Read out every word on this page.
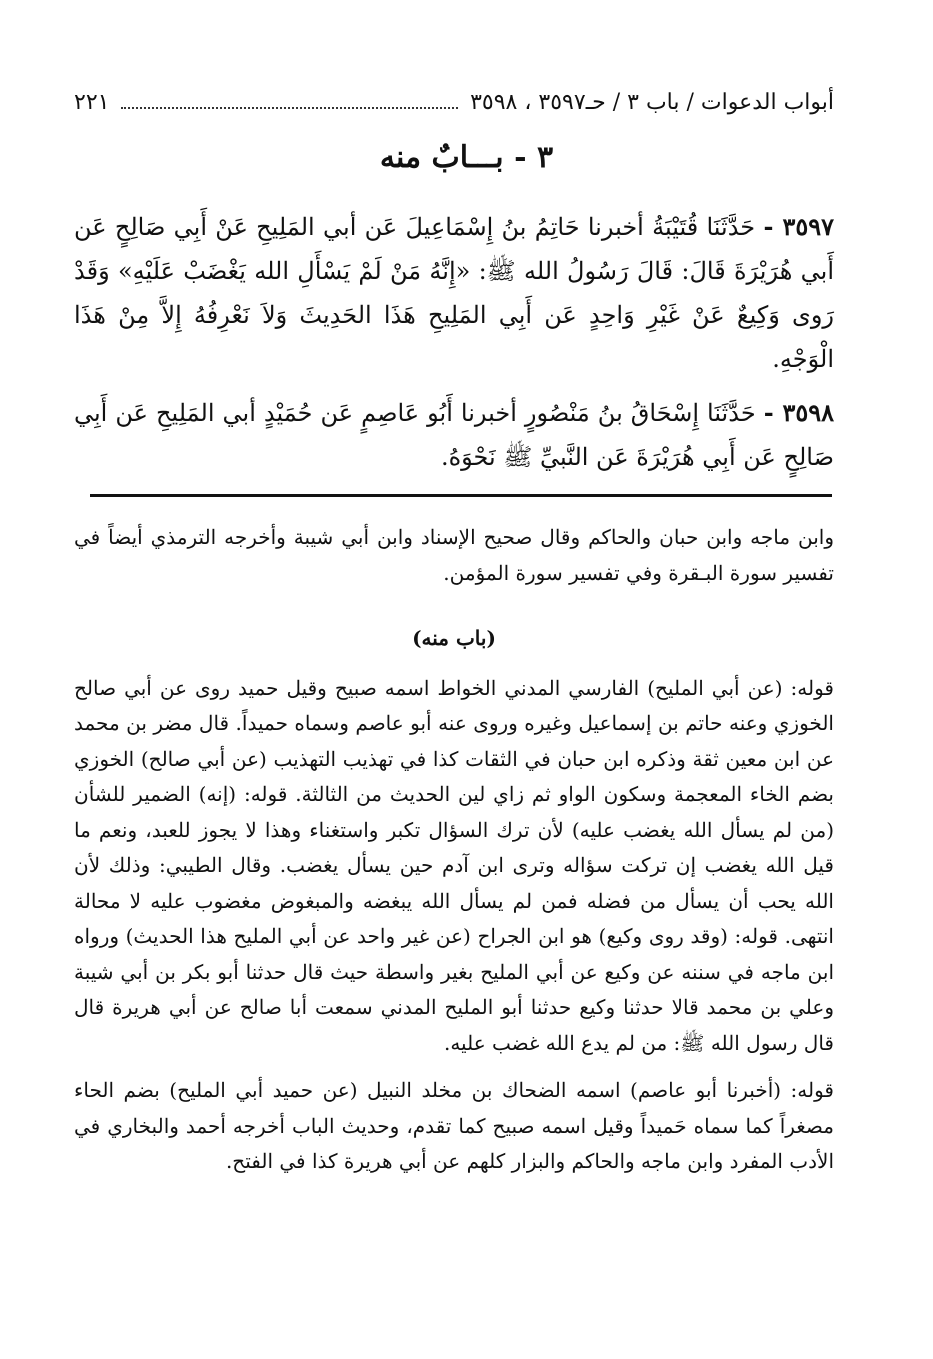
أبواب الدعوات / باب ٣ / حـ٣٥٩٧ ، ٣٥٩٨
٢٢١
٣ - بـــابٌ منه

٣٥٩٧ - حَدَّثَنَا قُتَيْبَةُ أخبرنا حَاتِمُ بنُ إِسْمَاعِيلَ عَن أبي المَلِيحِ عَنْ أَبِي صَالِحٍ عَن أَبي هُرَيْرَةَ قَالَ: قَالَ رَسُولُ الله ﷺ: «إِنَّهُ مَنْ لَمْ يَسْأَلِ الله يَغْضَبْ عَلَيْهِ» وَقَدْ رَوى وَكِيعٌ عَنْ غَيْرِ وَاحِدٍ عَن أَبِي المَلِيحِ هَذَا الحَدِيثَ وَلاَ نَعْرِفُهُ إِلاَّ مِنْ هَذَا الْوَجْهِ.

٣٥٩٨ - حَدَّثَنَا إِسْحَاقُ بنُ مَنْصُورٍ أخبرنا أَبُو عَاصِمٍ عَن حُمَيْدٍ أبي المَلِيحِ عَن أَبِي صَالِحٍ عَن أَبِي هُرَيْرَةَ عَن النَّبيِّ ﷺ نَحْوَهُ.

وابن ماجه وابن حبان والحاكم وقال صحيح الإسناد وابن أبي شيبة وأخرجه الترمذي أيضاً في تفسير سورة البـقرة وفي تفسير سورة المؤمن.

(باب منه)

قوله: (عن أبي المليح) الفارسي المدني الخواط اسمه صبيح وقيل حميد روى عن أبي صالح الخوزي وعنه حاتم بن إسماعيل وغيره وروى عنه أبو عاصم وسماه حميداً. قال مضر بن محمد عن ابن معين ثقة وذكره ابن حبان في الثقات كذا في تهذيب التهذيب (عن أبي صالح) الخوزي بضم الخاء المعجمة وسكون الواو ثم زاي لين الحديث من الثالثة. قوله: (إنه) الضمير للشأن (من لم يسأل الله يغضب عليه) لأن ترك السؤال تكبر واستغناء وهذا لا يجوز للعبد، ونعم ما قيل الله يغضب إن تركت سؤاله وترى ابن آدم حين يسأل يغضب. وقال الطيبي: وذلك لأن الله يحب أن يسأل من فضله فمن لم يسأل الله يبغضه والمبغوض مغضوب عليه لا محالة انتهى. قوله: (وقد روى وكيع) هو ابن الجراح (عن غير واحد عن أبي المليح هذا الحديث) ورواه ابن ماجه في سننه عن وكيع عن أبي المليح بغير واسطة حيث قال حدثنا أبو بكر بن أبي شيبة وعلي بن محمد قالا حدثنا وكيع حدثنا أبو المليح المدني سمعت أبا صالح عن أبي هريرة قال قال رسول الله ﷺ: من لم يدع الله غضب عليه.

قوله: (أخبرنا أبو عاصم) اسمه الضحاك بن مخلد النبيل (عن حميد أبي المليح) بضم الحاء مصغراً كما سماه حَميداً وقيل اسمه صبيح كما تقدم، وحديث الباب أخرجه أحمد والبخاري في الأدب المفرد وابن ماجه والحاكم والبزار كلهم عن أبي هريرة كذا في الفتح.
